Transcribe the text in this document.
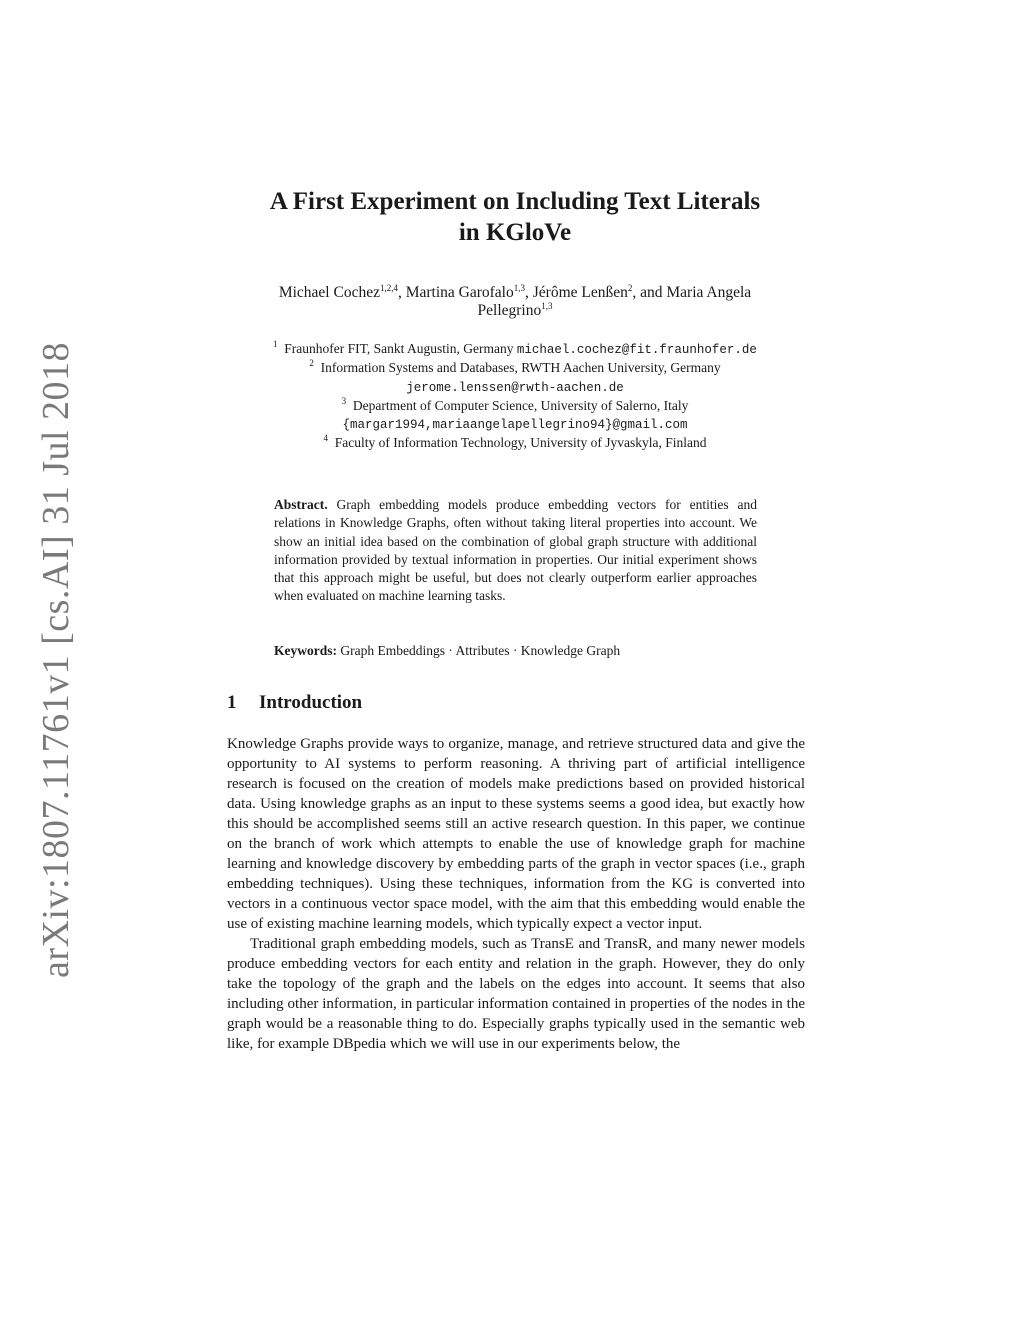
arXiv:1807.11761v1 [cs.AI] 31 Jul 2018
A First Experiment on Including Text Literals
in KGloVe
Michael Cochez$^{1,2,4}$, Martina Garofalo$^{1,3}$, Jérôme Lenßen$^2$, and Maria Angela
Pellegrino$^{1,3}$
$^1$ Fraunhofer FIT, Sankt Augustin, Germany michael.cochez@fit.fraunhofer.de
$^2$ Information Systems and Databases, RWTH Aachen University, Germany
jerome.lenssen@rwth-aachen.de
$^3$ Department of Computer Science, University of Salerno, Italy
{margar1994,mariaangelapellegrino94}@gmail.com
$^4$ Faculty of Information Technology, University of Jyvaskyla, Finland
Abstract. Graph embedding models produce embedding vectors for entities and relations in Knowledge Graphs, often without taking literal properties into account. We show an initial idea based on the combination of global graph structure with additional information provided by textual information in properties. Our initial experiment shows that this approach might be useful, but does not clearly outperform earlier approaches when evaluated on machine learning tasks.
Keywords: Graph Embeddings · Attributes · Knowledge Graph
1 Introduction

Knowledge Graphs provide ways to organize, manage, and retrieve structured data and give the opportunity to AI systems to perform reasoning. A thriving part of artificial intelligence research is focused on the creation of models make predictions based on provided historical data. Using knowledge graphs as an input to these systems seems a good idea, but exactly how this should be accomplished seems still an active research question. In this paper, we continue on the branch of work which attempts to enable the use of knowledge graph for machine learning and knowledge discovery by embedding parts of the graph in vector spaces (i.e., graph embedding techniques). Using these techniques, information from the KG is converted into vectors in a continuous vector space model, with the aim that this embedding would enable the use of existing machine learning models, which typically expect a vector input.

Traditional graph embedding models, such as TransE and TransR, and many newer models produce embedding vectors for each entity and relation in the graph. However, they do only take the topology of the graph and the labels on the edges into account. It seems that also including other information, in particular information contained in properties of the nodes in the graph would be a reasonable thing to do. Especially graphs typically used in the semantic web like, for example DBpedia which we will use in our experiments below, the
